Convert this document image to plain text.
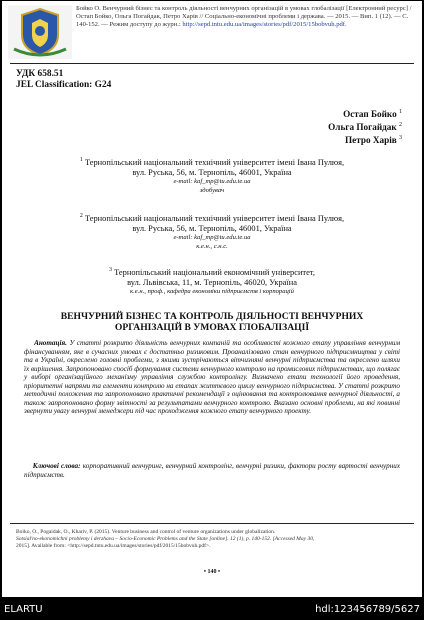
Бойко О. Венчурний бізнес та контроль діяльності венчурних організацій в умовах глобалізації [Електронний ресурс] / Остап Бойко, Ольга Погайдак, Петро Харів // Соціально-економічні проблеми і держава. — 2015. — Вип. 1 (12). — С. 140-152. — Режим доступу до журн.: http://sepd.tntu.edu.ua/images/stories/pdf/2015/15bobvuh.pdf.
УДК 658.51
JEL Classification: G24
Остап Бойко $^1$
Ольга Погайдак $^2$
Петро Харів $^3$
$^1$ Тернопільський національний технічний університет імені Івана Пулюя,
вул. Руська, 56, м. Тернопіль, 46001, Україна
e-mail: kaf_mp@tu.edu.te.ua
здобувач
$^2$ Тернопільський національний технічний університет імені Івана Пулюя,
вул. Руська, 56, м. Тернопіль, 46001, Україна
e-mail: kaf_mp@tu.edu.te.ua
к.е.н., с.н.с.
$^3$ Тернопільський національний економічний університет,
вул. Львівська, 11, м. Тернопіль, 46020, Україна
к.е.н., проф., кафедра економіки підприємств і корпорацій
ВЕНЧУРНИЙ БІЗНЕС ТА КОНТРОЛЬ ДІЯЛЬНОСТІ ВЕНЧУРНИХ
ОРГАНІЗАЦІЙ В УМОВАХ ГЛОБАЛІЗАЦІЇ
Анотація. У статті розкрито діяльність венчурних компаній та особливості кожного етапу управління венчурним фінансуванням, яке в сучасних умовах є достатньо ризиковим. Проаналізовано стан венчурного підприємництва у світі та в Україні, окреслено головні проблеми, з якими зустрічаються вітчизняні венчурні підприємства та окреслено шляхи їх вирішення. Запропоновано спосіб формування системи венчурного контролю на промислових підприємствах, що полягає у виборі організаційного механізму управління службою контролінгу. Визначено етапи технології його проведення, пріоритетні напрями та елементи контролю на етапах життєвого циклу венчурного підприємства. У статті розкрито методичні положення та запропоновано практичні рекомендації з оцінювання та контролювання венчурної діяльності, а також запропоновано форму звітності за результатами венчурного контролю. Вказано основні проблеми, на які повинні звернути увагу венчурні менеджери під час проходження кожного етапу венчурного проекту.
Ключові слова: корпоративний венчуринг, венчурний контролінг, венчурні ризики, фактори росту вартості венчурних підприємств.
Boiko, O., Pogaidak, O., Khariv, P. (2015). Venture business and control of venture organizations under globalization.
Sotsial'no-ekonomichni problemy i derzhava – Socio-Economic Problems and the State [online]. 12 (1), p. 140-152. [Accessed May 30,
2015]. Available from: <http://sepd.tntu.edu.ua/images/stories/pdf/2015/15bobvuh.pdf>.
• 140 •
ELARTU	hdl:123456789/5627
